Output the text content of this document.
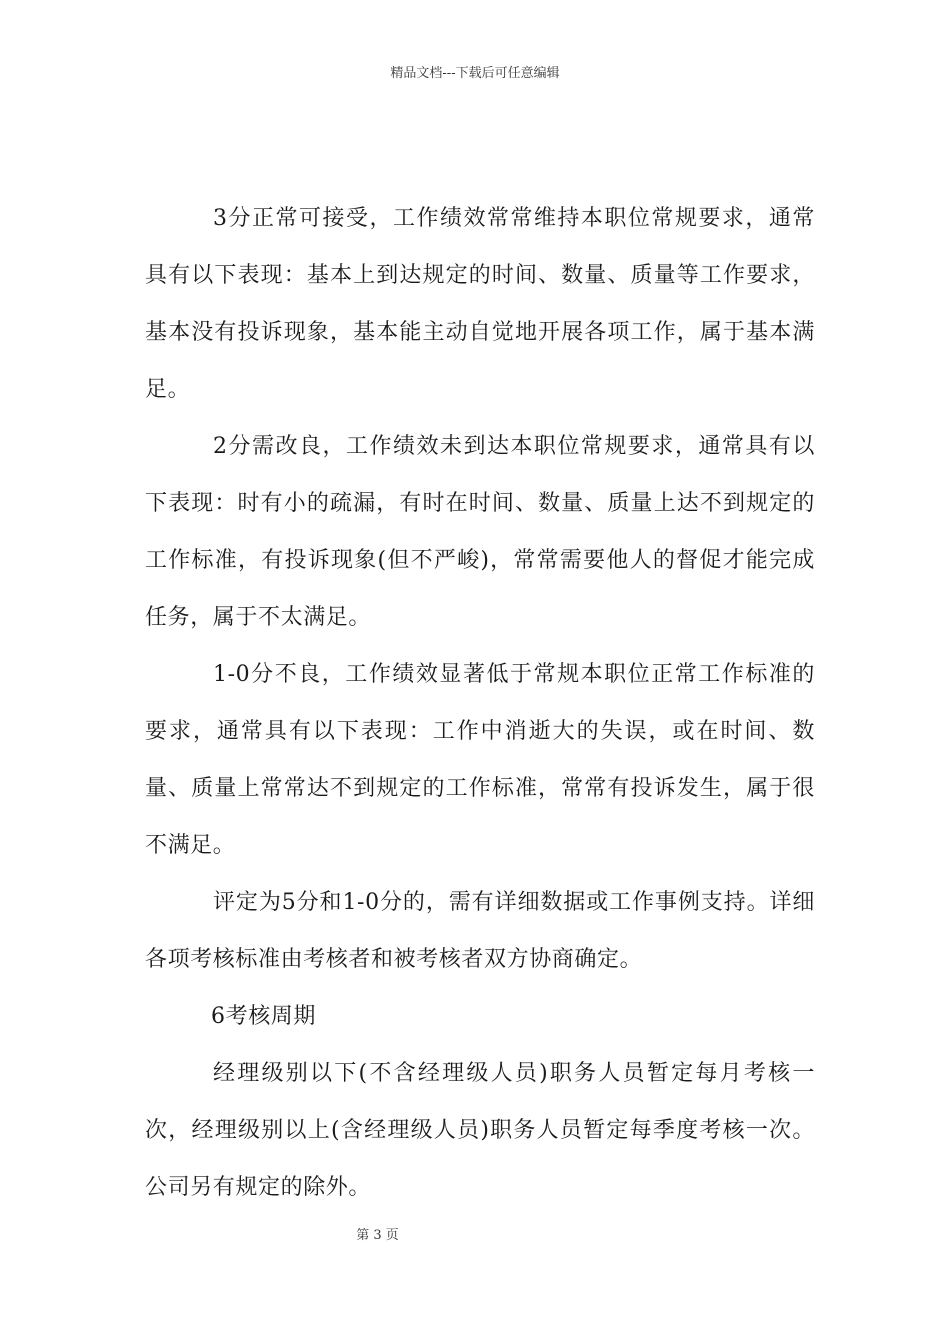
精品文档---下载后可任意编辑

3分正常可接受，工作绩效常常维持本职位常规要求，通常具有以下表现：基本上到达规定的时间、数量、质量等工作要求，基本没有投诉现象，基本能主动自觉地开展各项工作，属于基本满足。

2分需改良，工作绩效未到达本职位常规要求，通常具有以下表现：时有小的疏漏，有时在时间、数量、质量上达不到规定的工作标准，有投诉现象(但不严峻)，常常需要他人的督促才能完成任务，属于不太满足。

1-0分不良，工作绩效显著低于常规本职位正常工作标准的要求，通常具有以下表现：工作中消逝大的失误，或在时间、数量、质量上常常达不到规定的工作标准，常常有投诉发生，属于很不满足。

评定为5分和1-0分的，需有详细数据或工作事例支持。详细各项考核标准由考核者和被考核者双方协商确定。

6考核周期

经理级别以下(不含经理级人员)职务人员暂定每月考核一次，经理级别以上(含经理级人员)职务人员暂定每季度考核一次。公司另有规定的除外。

第 3 页
